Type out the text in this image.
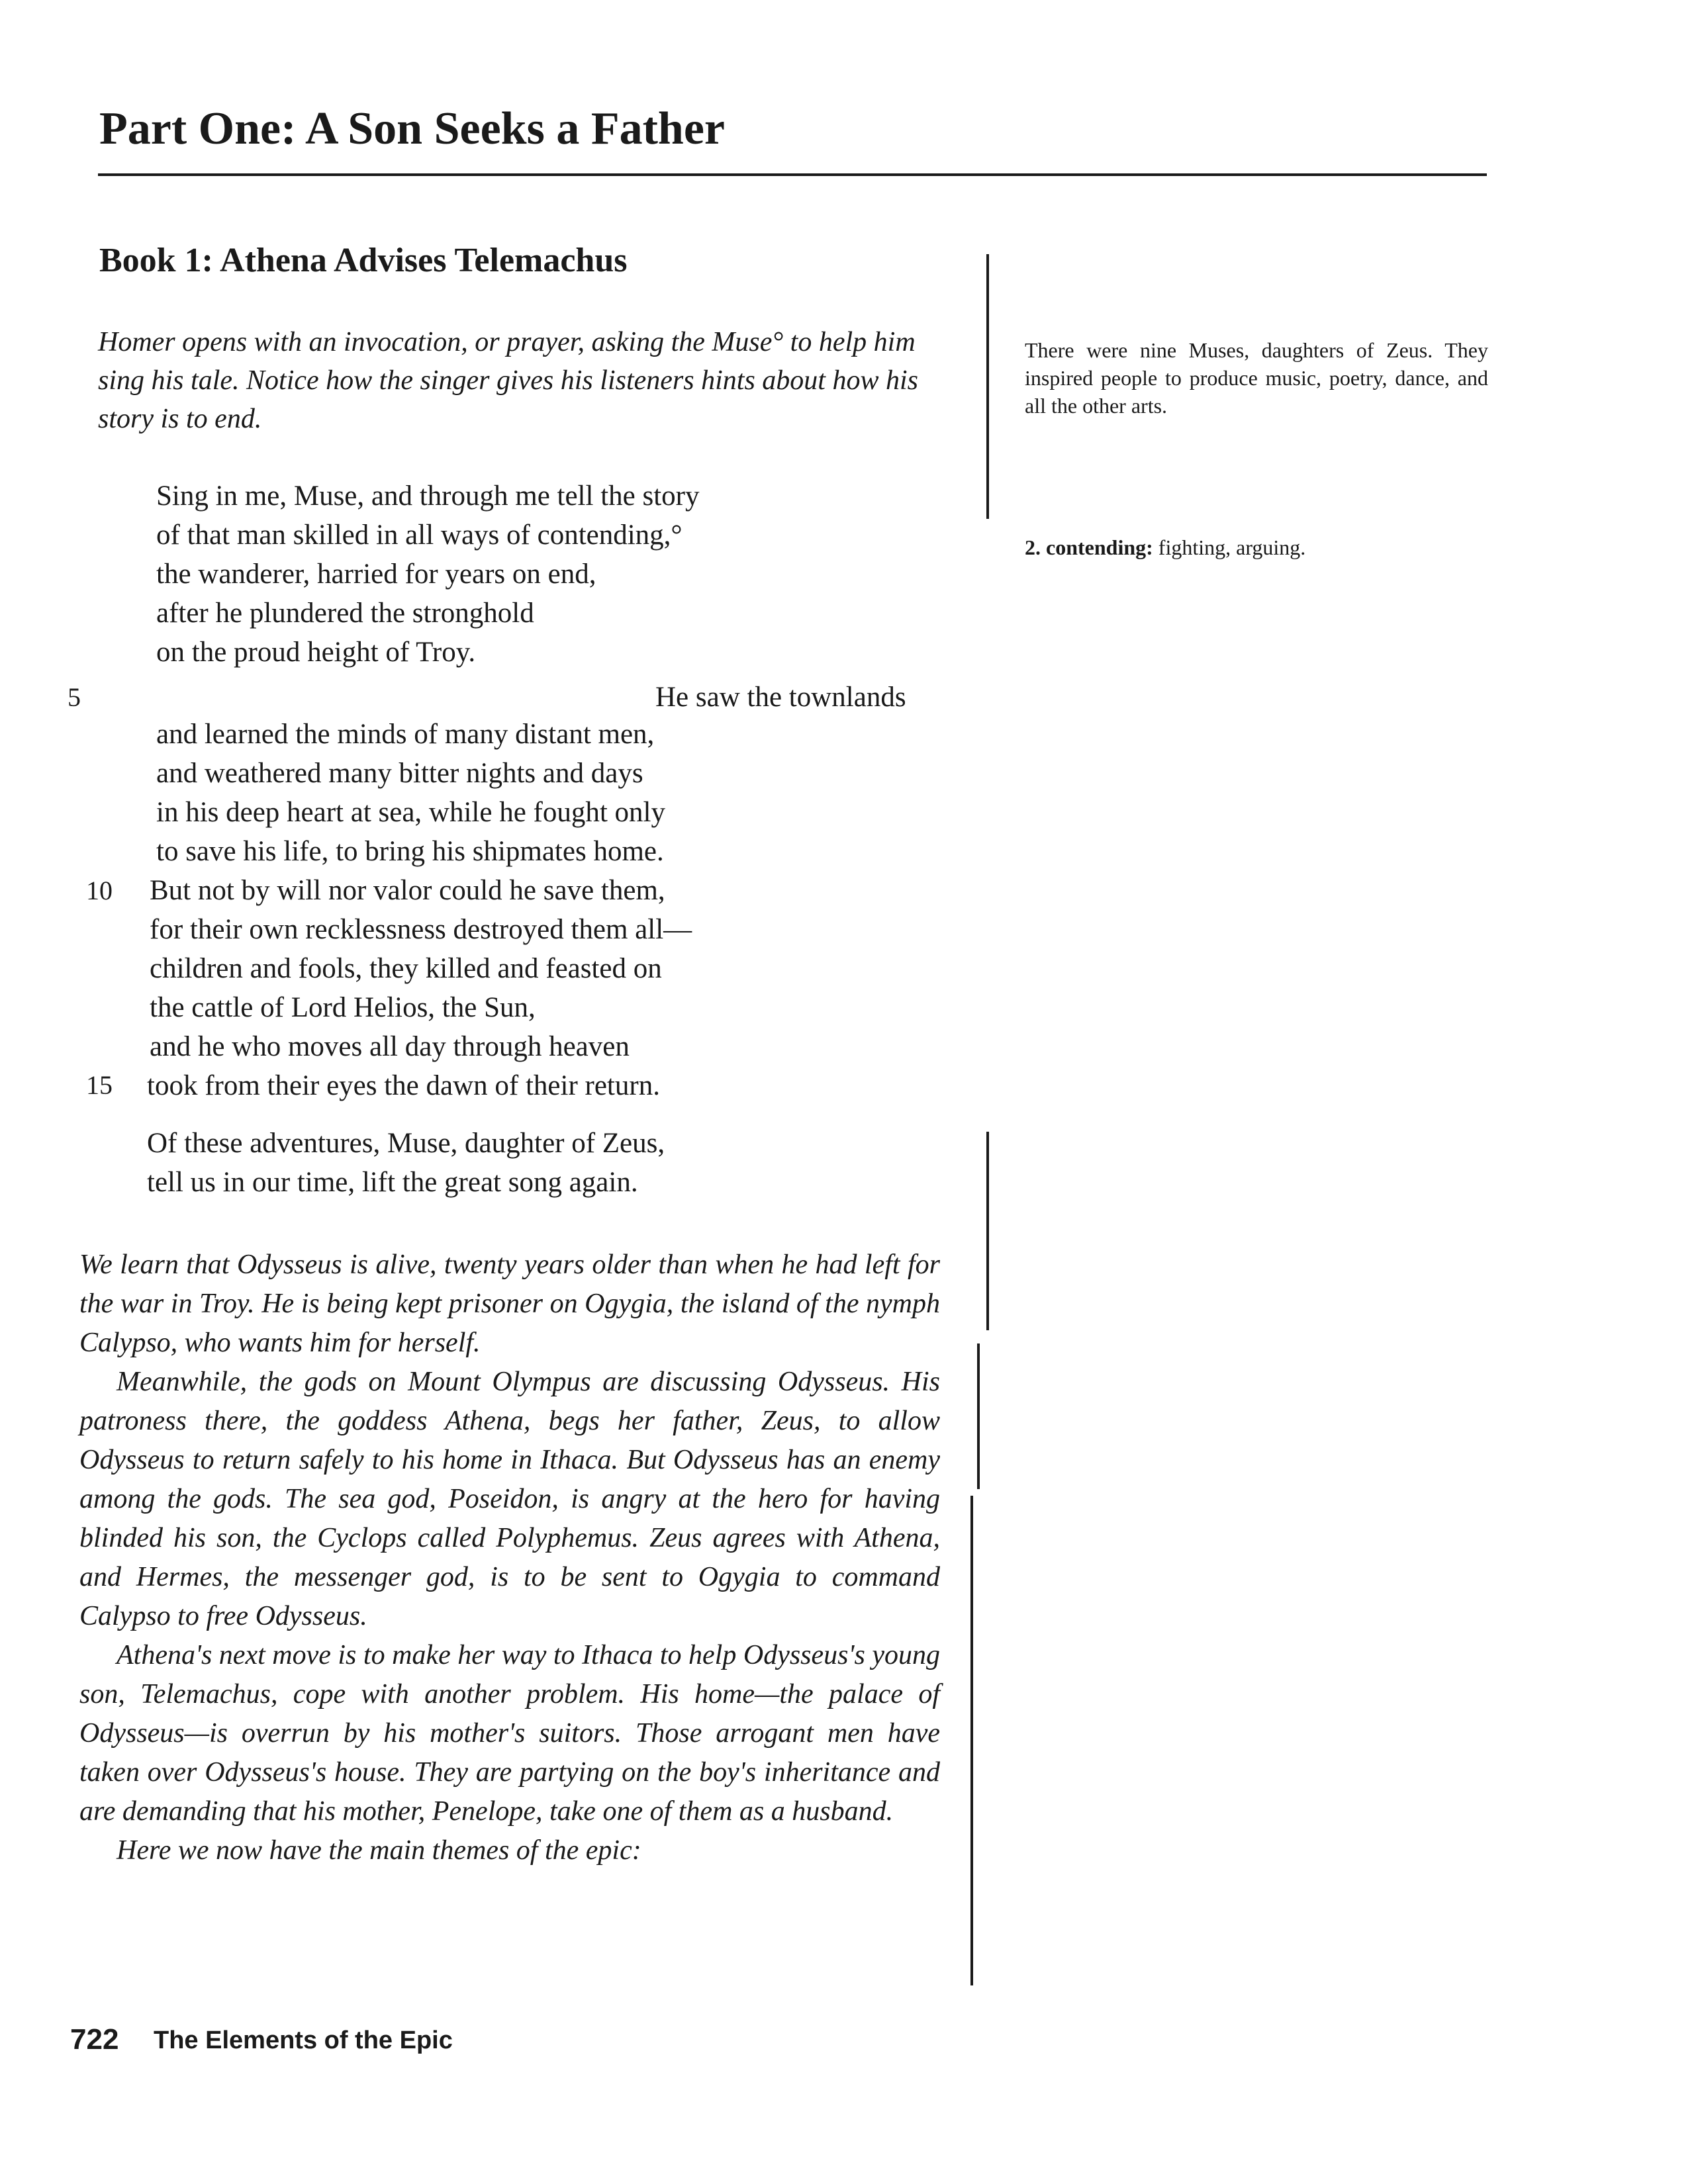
Part One: A Son Seeks a Father
Book 1: Athena Advises Telemachus

Homer opens with an invocation, or prayer, asking the Muse° to help him sing his tale. Notice how the singer gives his listeners hints about how his story is to end.

Sing in me, Muse, and through me tell the story
of that man skilled in all ways of contending,°
the wanderer, harried for years on end,
after he plundered the stronghold
on the proud height of Troy.
5	He saw the townlands
and learned the minds of many distant men,
and weathered many bitter nights and days
in his deep heart at sea, while he fought only
to save his life, to bring his shipmates home.
10 But not by will nor valor could he save them,
for their own recklessness destroyed them all—
children and fools, they killed and feasted on
the cattle of Lord Helios, the Sun,
and he who moves all day through heaven
15 took from their eyes the dawn of their return.
Of these adventures, Muse, daughter of Zeus,
tell us in our time, lift the great song again.

We learn that Odysseus is alive, twenty years older than when he had left for the war in Troy. He is being kept prisoner on Ogygia, the island of the nymph Calypso, who wants him for herself.

Meanwhile, the gods on Mount Olympus are discussing Odysseus. His patroness there, the goddess Athena, begs her father, Zeus, to allow Odysseus to return safely to his home in Ithaca. But Odysseus has an enemy among the gods. The sea god, Poseidon, is angry at the hero for having blinded his son, the Cyclops called Polyphemus. Zeus agrees with Athena, and Hermes, the messenger god, is to be sent to Ogygia to command Calypso to free Odysseus.

Athena's next move is to make her way to Ithaca to help Odysseus's young son, Telemachus, cope with another problem. His home—the palace of Odysseus—is overrun by his mother's suitors. Those arrogant men have taken over Odysseus's house. They are partying on the boy's inheritance and are demanding that his mother, Penelope, take one of them as a husband.

Here we now have the main themes of the epic:

There were nine Muses, daughters of Zeus. They inspired people to produce music, poetry, dance, and all the other arts.

2. contending: fighting, arguing.

722 The Elements of the Epic
